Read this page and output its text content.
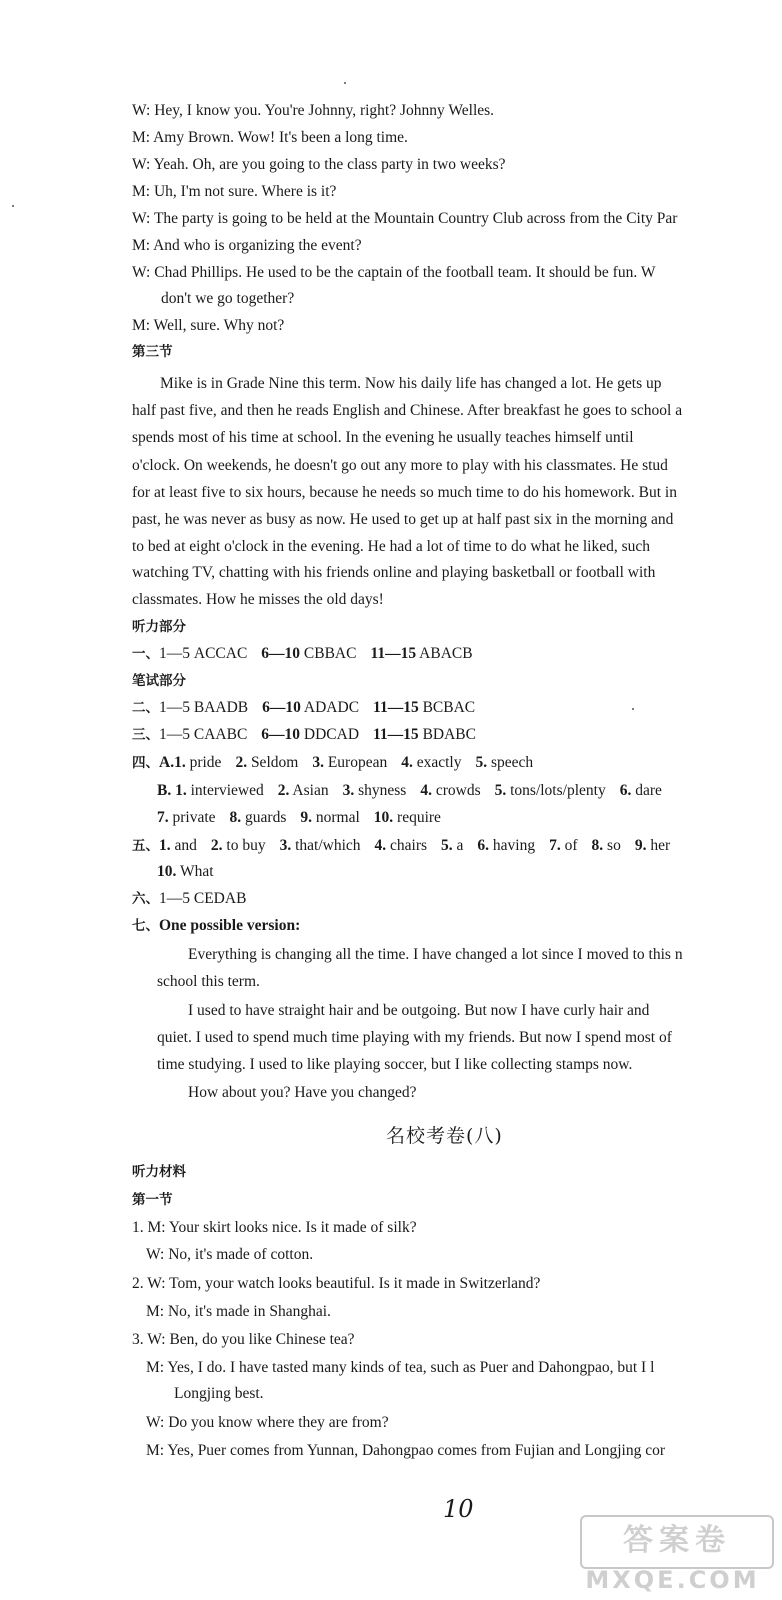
W: Hey, I know you. You're Johnny, right? Johnny Welles.
M: Amy Brown. Wow! It's been a long time.
W: Yeah. Oh, are you going to the class party in two weeks?
M: Uh, I'm not sure. Where is it?
W: The party is going to be held at the Mountain Country Club across from the City Par
M: And who is organizing the event?
W: Chad Phillips. He used to be the captain of the football team. It should be fun. W
don't we go together?
M: Well, sure. Why not?
第三节
Mike is in Grade Nine this term. Now his daily life has changed a lot. He gets up
half past five, and then he reads English and Chinese. After breakfast he goes to school a
spends most of his time at school. In the evening he usually teaches himself until
o'clock. On weekends, he doesn't go out any more to play with his classmates. He stud
for at least five to six hours, because he needs so much time to do his homework. But in
past, he was never as busy as now. He used to get up at half past six in the morning and
to bed at eight o'clock in the evening. He had a lot of time to do what he liked, such
watching TV, chatting with his friends online and playing basketball or football with
classmates. How he misses the old days!
听力部分
一、1—5 ACCAC 6—10 CBBAC 11—15 ABACB
笔试部分
二、1—5 BAADB 6—10 ADADC 11—15 BCBAC
三、1—5 CAABC 6—10 DDCAD 11—15 BDABC
四、A.1. pride 2. Seldom 3. European 4. exactly 5. speech
B. 1. interviewed 2. Asian 3. shyness 4. crowds 5. tons/lots/plenty 6. dare
7. private 8. guards 9. normal 10. require
五、1. and 2. to buy 3. that/which 4. chairs 5. a 6. having 7. of 8. so 9. her
10. What
六、1—5 CEDAB
七、One possible version:
Everything is changing all the time. I have changed a lot since I moved to this n
school this term.
I used to have straight hair and be outgoing. But now I have curly hair and
quiet. I used to spend much time playing with my friends. But now I spend most of
time studying. I used to like playing soccer, but I like collecting stamps now.
How about you? Have you changed?
名校考卷(八)
听力材料
第一节
1. M: Your skirt looks nice. Is it made of silk?
W: No, it's made of cotton.
2. W: Tom, your watch looks beautiful. Is it made in Switzerland?
M: No, it's made in Shanghai.
3. W: Ben, do you like Chinese tea?
M: Yes, I do. I have tasted many kinds of tea, such as Puer and Dahongpao, but I l
Longjing best.
W: Do you know where they are from?
M: Yes, Puer comes from Yunnan, Dahongpao comes from Fujian and Longjing cor
10
答案卷
MXQE.COM
